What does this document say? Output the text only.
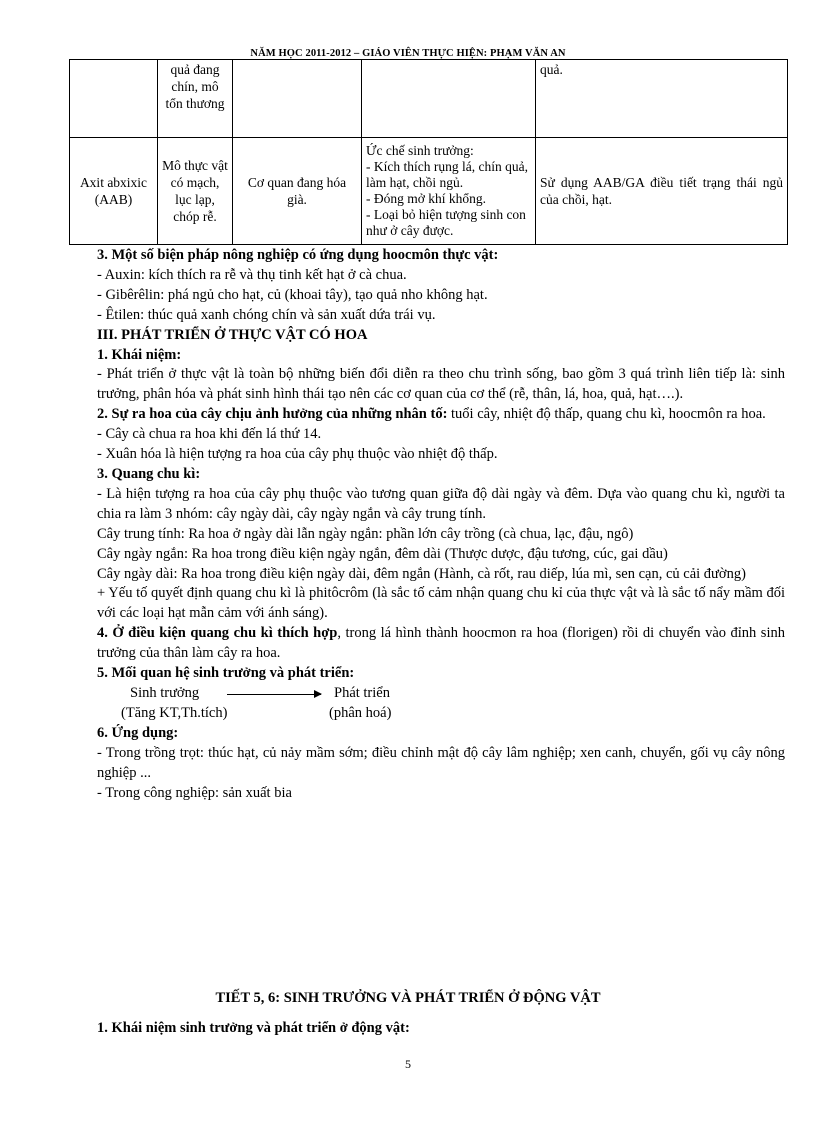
NĂM HỌC 2011-2012 – GIÁO VIÊN THỰC HIỆN: PHẠM VĂN AN
	quả đang chín, mô tổn thương			quả.
Axit abxixic (AAB)	Mô thực vật có mạch, lục lạp, chóp rễ.	Cơ quan đang hóa già.	Ức chế sinh trưởng:
- Kích thích rụng lá, chín quả, làm hạt, chồi ngủ.
- Đóng mở khí khổng.
- Loại bỏ hiện tượng sinh con như ở cây được.	Sử dụng AAB/GA điều tiết trạng thái ngủ của chồi, hạt.

3. Một số biện pháp nông nghiệp có ứng dụng hoocmôn thực vật:

- Auxin: kích thích ra rễ và thụ tinh kết hạt ở cà chua.

- Gibêrêlin: phá ngủ cho hạt, củ (khoai tây), tạo quả nho không hạt.

- Êtilen: thúc quả xanh chóng chín và sản xuất dứa trái vụ.

III. PHÁT TRIỂN Ở THỰC VẬT CÓ HOA

1. Khái niệm:

- Phát triển ở thực vật là toàn bộ những biến đổi diễn ra theo chu trình sống, bao gồm 3 quá trình liên tiếp là: sinh trưởng, phân hóa và phát sinh hình thái tạo nên các cơ quan của cơ thể (rễ, thân, lá, hoa, quả, hạt….).

2. Sự ra hoa của cây chịu ảnh hưởng của những nhân tố: tuổi cây, nhiệt độ thấp, quang chu kì, hoocmôn ra hoa.

- Cây cà chua ra hoa khi đến lá thứ 14.

- Xuân hóa là hiện tượng ra hoa của cây phụ thuộc vào nhiệt độ thấp.

3. Quang chu kì:

- Là hiện tượng ra hoa của cây phụ thuộc vào tương quan giữa độ dài ngày và đêm. Dựa vào quang chu kì, người ta chia ra làm 3 nhóm: cây ngày dài, cây ngày ngắn và cây trung tính.

Cây trung tính: Ra hoa ở ngày dài lẫn ngày ngắn: phần lớn cây trồng (cà chua, lạc, đậu, ngô)

Cây ngày ngắn: Ra hoa trong điều kiện ngày ngắn, đêm dài (Thược dược, đậu tương, cúc, gai dầu)

Cây ngày dài: Ra hoa trong điều kiện ngày dài, đêm ngắn (Hành, cà rốt, rau diếp, lúa mì, sen cạn, củ cải đường)

+ Yếu tố quyết định quang chu kì là phitôcrôm (là sắc tố cảm nhận quang chu kỉ của thực vật và là sắc tố nẩy mầm đối với các loại hạt mẫn cảm với ánh sáng).

4. Ở điều kiện quang chu kì thích hợp, trong lá hình thành hoocmon ra hoa (florigen) rồi di chuyển vào đỉnh sinh trưởng của thân làm cây ra hoa.

5. Mối quan hệ sinh trưởng và phát triển:

Sinh trưởng	Phát triển
(Tăng KT,Th.tích)	(phân hoá)

6. Ứng dụng:

- Trong trồng trọt: thúc hạt, củ nảy mầm sớm; điều chỉnh mật độ cây lâm nghiệp; xen canh, chuyển, gối vụ cây nông nghiệp ...

- Trong công nghiệp: sản xuất bia

TIẾT 5, 6: SINH TRƯỞNG VÀ PHÁT TRIỂN Ở ĐỘNG VẬT
1. Khái niệm sinh trưởng và phát triển ở động vật:
5
